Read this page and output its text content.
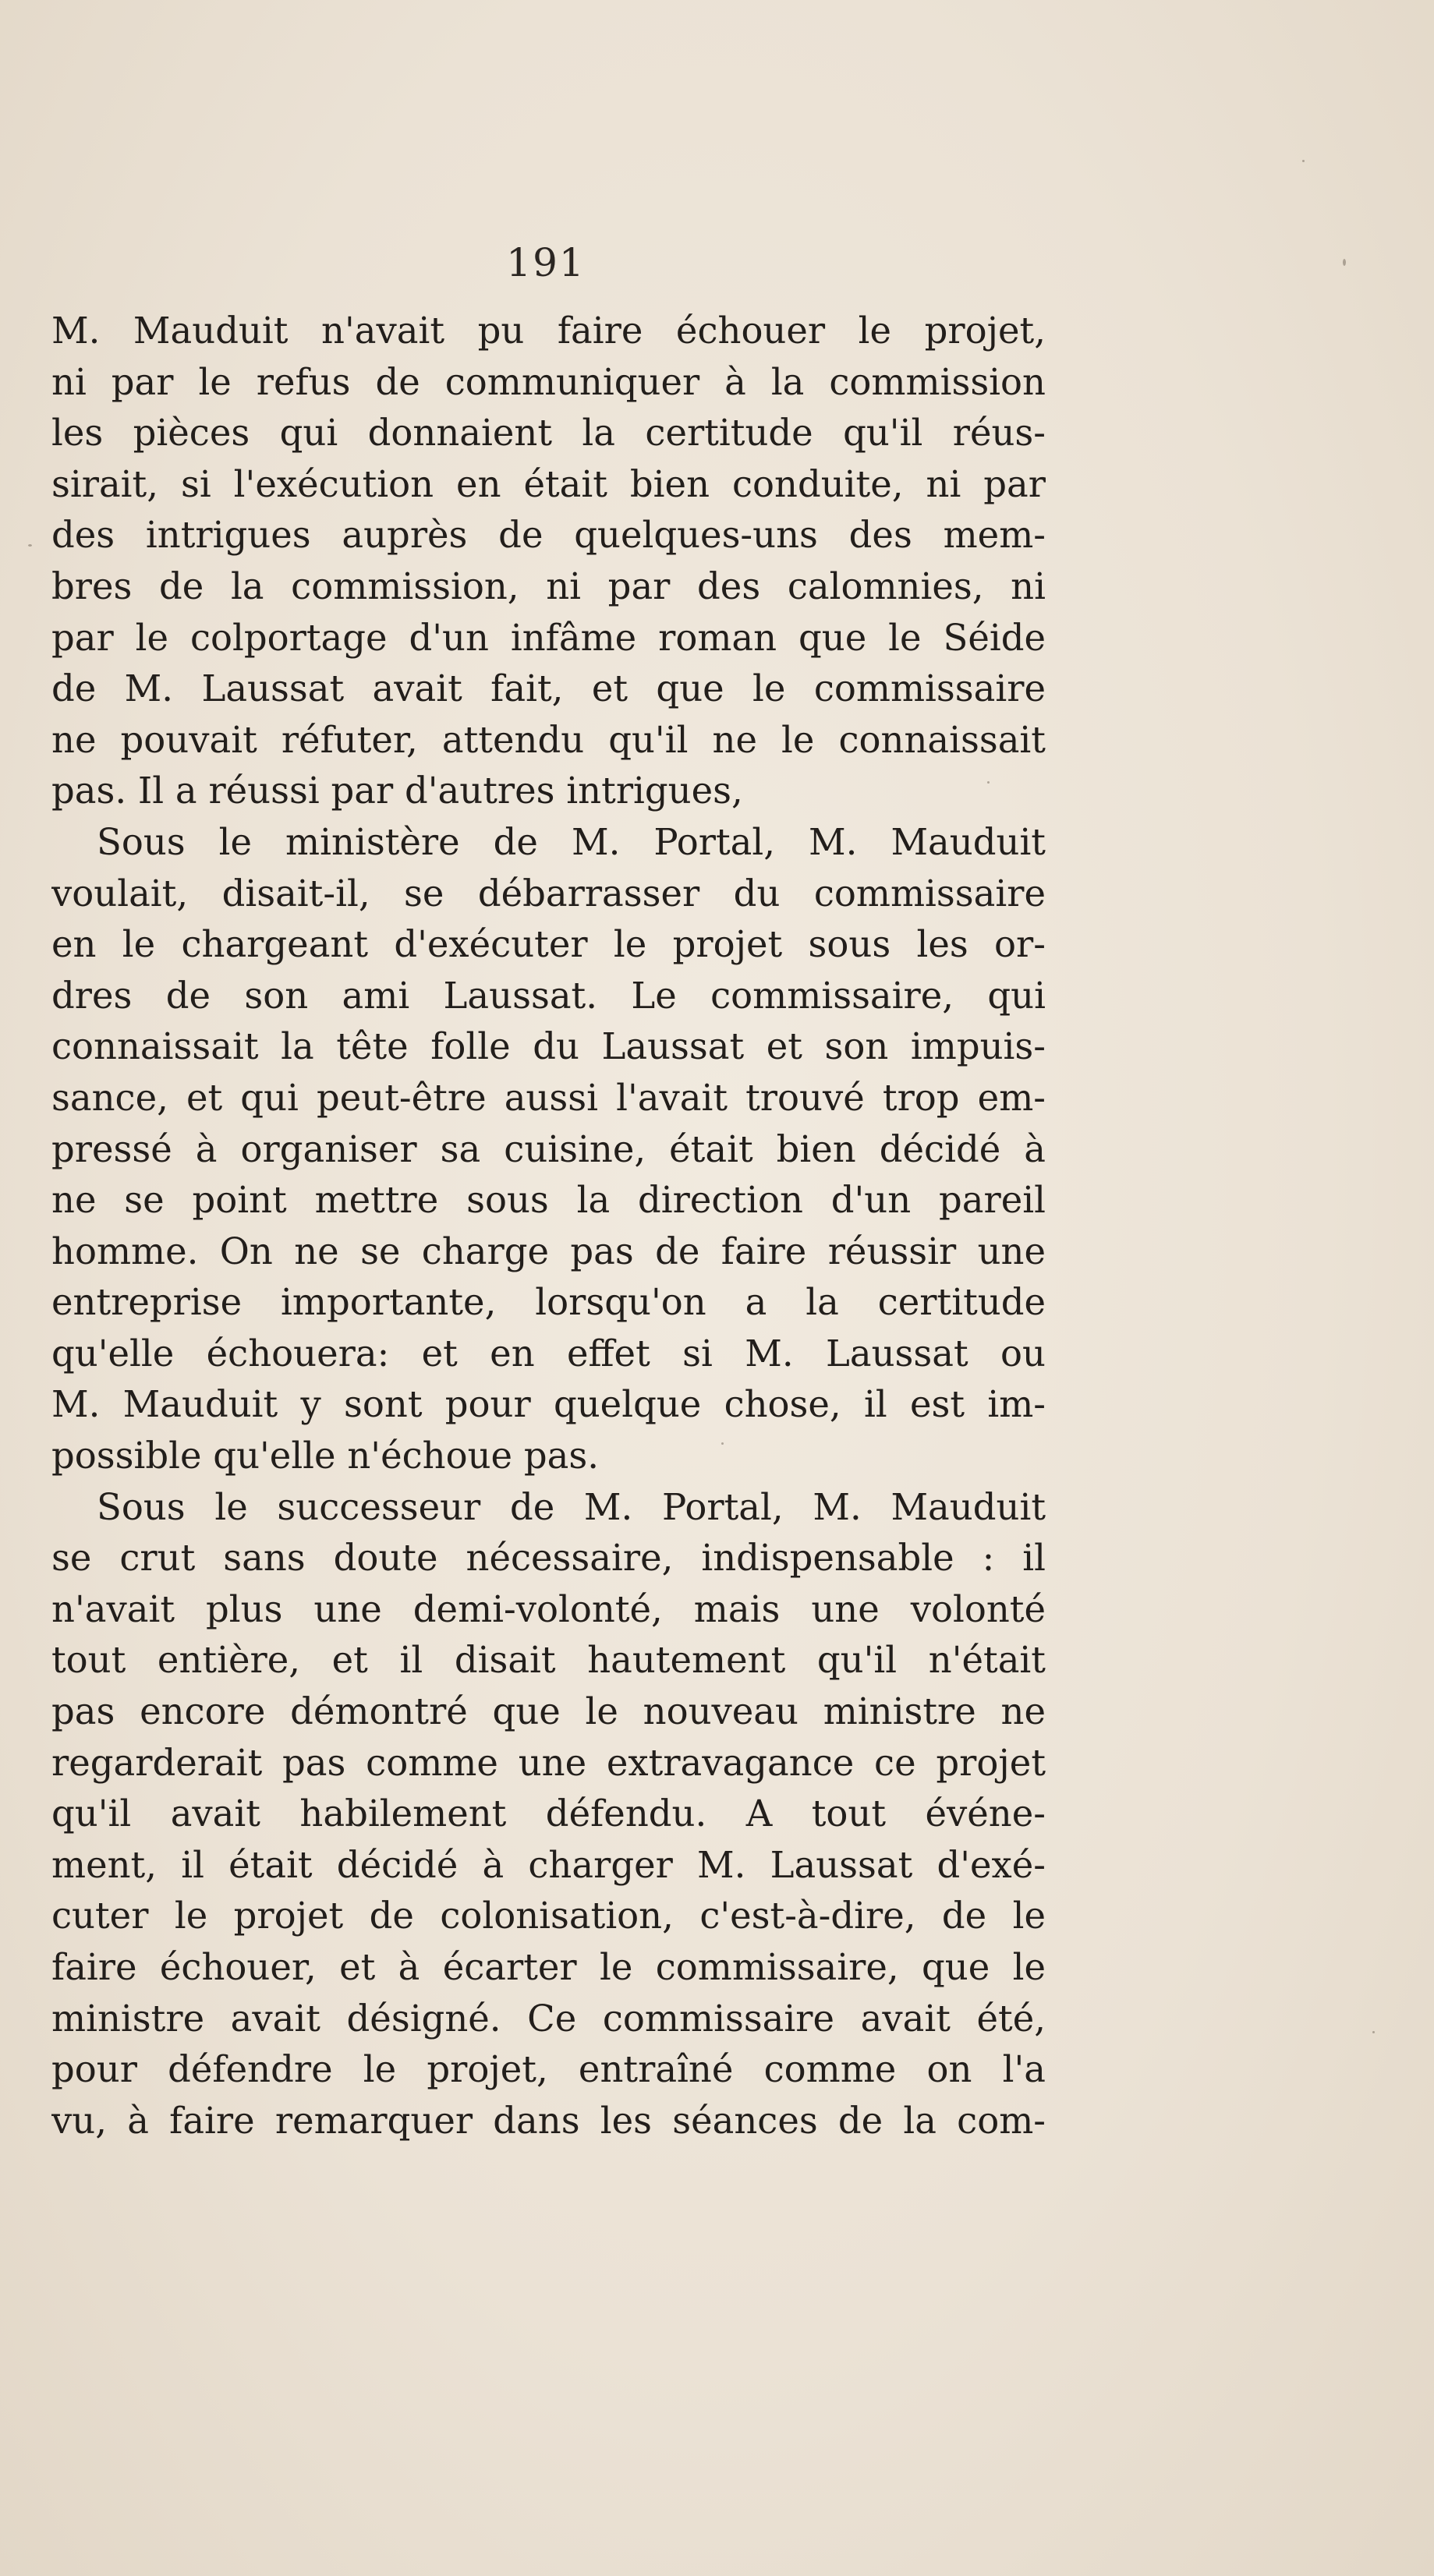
191
M. Mauduit n'avait pu faire échouer le projet,
ni par le refus de communiquer à la commission
les pièces qui donnaient la certitude qu'il réus-
sirait, si l'exécution en était bien conduite, ni par
des intrigues auprès de quelques-uns des mem-
bres de la commission, ni par des calomnies, ni
par le colportage d'un infâme roman que le Séide
de M. Laussat avait fait, et que le commissaire
ne pouvait réfuter, attendu qu'il ne le connaissait
pas. Il a réussi par d'autres intrigues,
Sous le ministère de M. Portal, M. Mauduit
voulait, disait-il, se débarrasser du commissaire
en le chargeant d'exécuter le projet sous les or-
dres de son ami Laussat. Le commissaire, qui
connaissait la tête folle du Laussat et son impuis-
sance, et qui peut-être aussi l'avait trouvé trop em-
pressé à organiser sa cuisine, était bien décidé à
ne se point mettre sous la direction d'un pareil
homme. On ne se charge pas de faire réussir une
entreprise importante, lorsqu'on a la certitude
qu'elle échouera: et en effet si M. Laussat ou
M. Mauduit y sont pour quelque chose, il est im-
possible qu'elle n'échoue pas.
Sous le successeur de M. Portal, M. Mauduit
se crut sans doute nécessaire, indispensable : il
n'avait plus une demi-volonté, mais une volonté
tout entière, et il disait hautement qu'il n'était
pas encore démontré que le nouveau ministre ne
regarderait pas comme une extravagance ce projet
qu'il avait habilement défendu. A tout événe-
ment, il était décidé à charger M. Laussat d'exé-
cuter le projet de colonisation, c'est-à-dire, de le
faire échouer, et à écarter le commissaire, que le
ministre avait désigné. Ce commissaire avait été,
pour défendre le projet, entraîné comme on l'a
vu, à faire remarquer dans les séances de la com-
